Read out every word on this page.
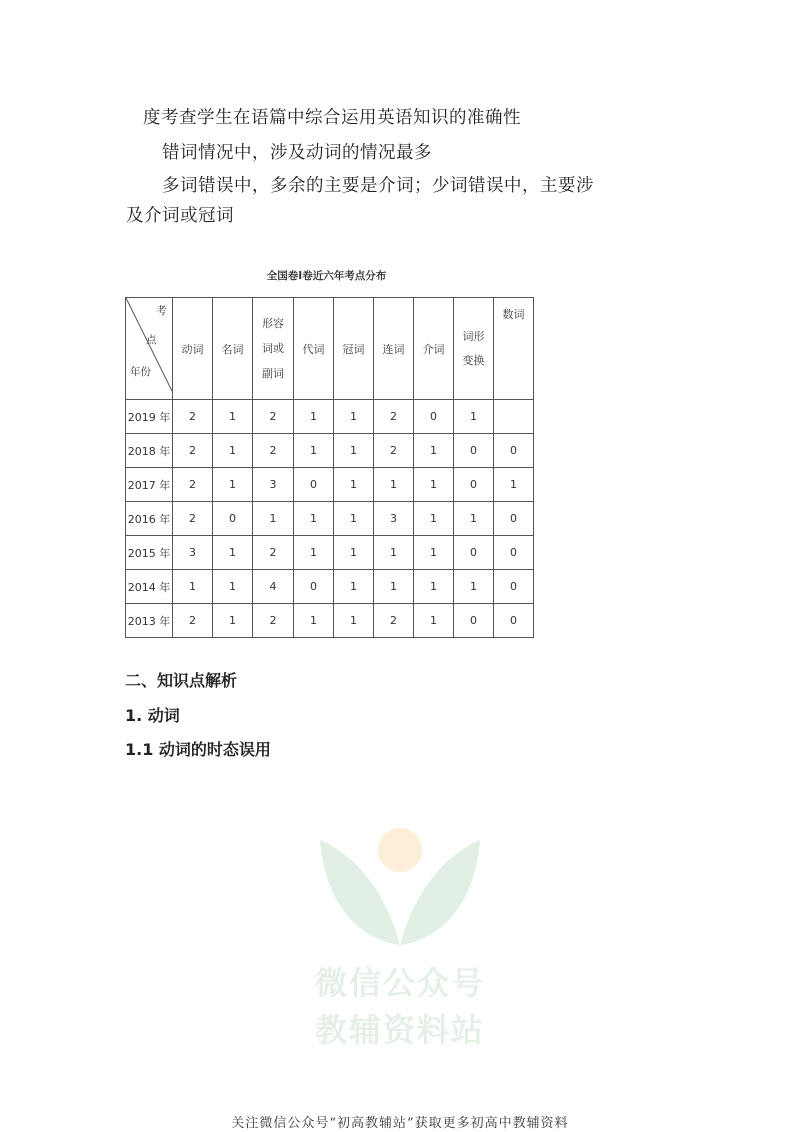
度考查学生在语篇中综合运用英语知识的准确性
错词情况中，涉及动词的情况最多
多词错误中，多余的主要是介词；少词错误中，主要涉
及介词或冠词
全国卷Ⅰ卷近六年考点分布
考
点
年份	动词	名词	形容词或副词	代词	冠词	连词	介词	词形变换	数词
2019 年	2	1	2	1	1	2	0	1	
2018 年	2	1	2	1	1	2	1	0	0
2017 年	2	1	3	0	1	1	1	0	1
2016 年	2	0	1	1	1	3	1	1	0
2015 年	3	1	2	1	1	1	1	0	0
2014 年	1	1	4	0	1	1	1	1	0
2013 年	2	1	2	1	1	2	1	0	0
二、知识点解析
1. 动词
1.1 动词的时态误用
微信公众号
教辅资料站
关注微信公众号“初高教辅站”获取更多初高中教辅资料
